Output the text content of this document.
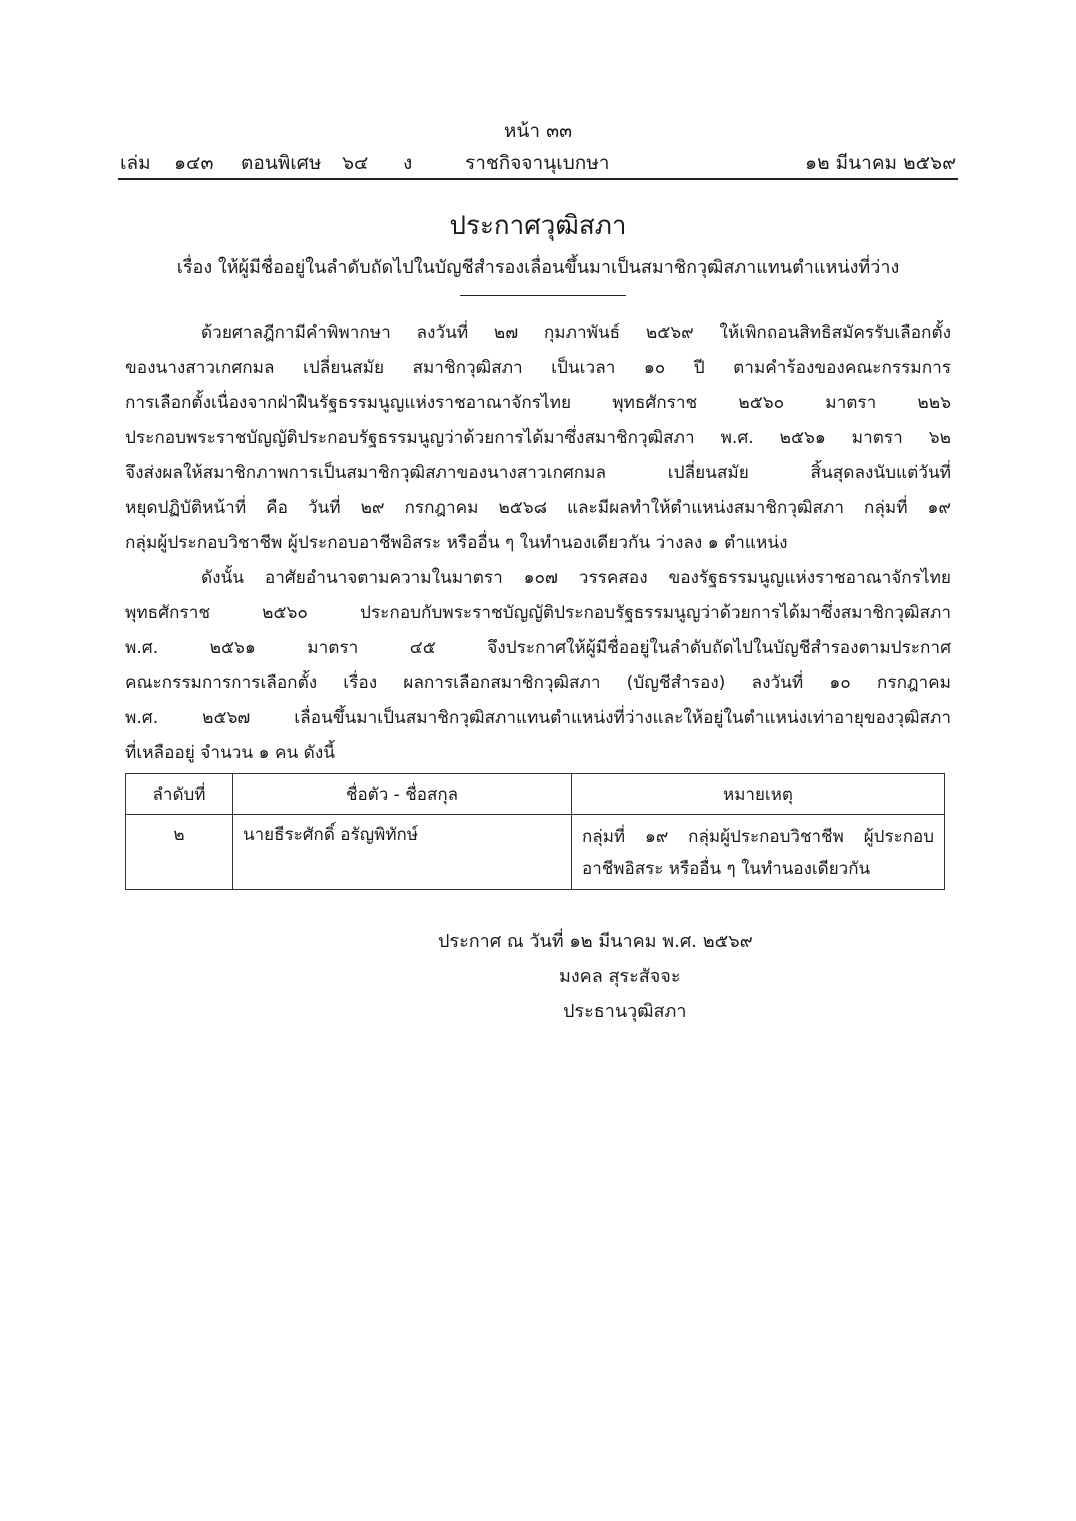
หน้า ๓๓
เล่ม ๑๔๓ ตอนพิเศษ ๖๔ ง	ราชกิจจานุเบกษา	๑๒ มีนาคม ๒๕๖๙
ประกาศวุฒิสภา
เรื่อง ให้ผู้มีชื่ออยู่ในลำดับถัดไปในบัญชีสำรองเลื่อนขึ้นมาเป็นสมาชิกวุฒิสภาแทนตำแหน่งที่ว่าง
ด้วยศาลฎีกามีคำพิพากษา ลงวันที่ ๒๗ กุมภาพันธ์ ๒๕๖๙ ให้เพิกถอนสิทธิสมัครรับเลือกตั้ง
ของนางสาวเกศกมล เปลี่ยนสมัย สมาชิกวุฒิสภา เป็นเวลา ๑๐ ปี ตามคำร้องของคณะกรรมการ
การเลือกตั้งเนื่องจากฝ่าฝืนรัฐธรรมนูญแห่งราชอาณาจักรไทย พุทธศักราช ๒๕๖๐ มาตรา ๒๒๖
ประกอบพระราชบัญญัติประกอบรัฐธรรมนูญว่าด้วยการได้มาซึ่งสมาชิกวุฒิสภา พ.ศ. ๒๕๖๑ มาตรา ๖๒
จึงส่งผลให้สมาชิกภาพการเป็นสมาชิกวุฒิสภาของนางสาวเกศกมล เปลี่ยนสมัย สิ้นสุดลงนับแต่วันที่
หยุดปฏิบัติหน้าที่ คือ วันที่ ๒๙ กรกฎาคม ๒๕๖๘ และมีผลทำให้ตำแหน่งสมาชิกวุฒิสภา กลุ่มที่ ๑๙
กลุ่มผู้ประกอบวิชาชีพ ผู้ประกอบอาชีพอิสระ หรืออื่น ๆ ในทำนองเดียวกัน ว่างลง ๑ ตำแหน่ง
ดังนั้น อาศัยอำนาจตามความในมาตรา ๑๐๗ วรรคสอง ของรัฐธรรมนูญแห่งราชอาณาจักรไทย
พุทธศักราช ๒๕๖๐ ประกอบกับพระราชบัญญัติประกอบรัฐธรรมนูญว่าด้วยการได้มาซึ่งสมาชิกวุฒิสภา
พ.ศ. ๒๕๖๑ มาตรา ๔๕ จึงประกาศให้ผู้มีชื่ออยู่ในลำดับถัดไปในบัญชีสำรองตามประกาศ
คณะกรรมการการเลือกตั้ง เรื่อง ผลการเลือกสมาชิกวุฒิสภา (บัญชีสำรอง) ลงวันที่ ๑๐ กรกฎาคม
พ.ศ. ๒๕๖๗ เลื่อนขึ้นมาเป็นสมาชิกวุฒิสภาแทนตำแหน่งที่ว่างและให้อยู่ในตำแหน่งเท่าอายุของวุฒิสภา
ที่เหลืออยู่ จำนวน ๑ คน ดังนี้
ลำดับที่	ชื่อตัว - ชื่อสกุล	หมายเหตุ
๒	นายธีระศักดิ์ อรัญพิทักษ์	กลุ่มที่ ๑๙ กลุ่มผู้ประกอบวิชาชีพ ผู้ประกอบ
อาชีพอิสระ หรืออื่น ๆ ในทำนองเดียวกัน
ประกาศ ณ วันที่ ๑๒ มีนาคม พ.ศ. ๒๕๖๙
มงคล สุระสัจจะ
ประธานวุฒิสภา
